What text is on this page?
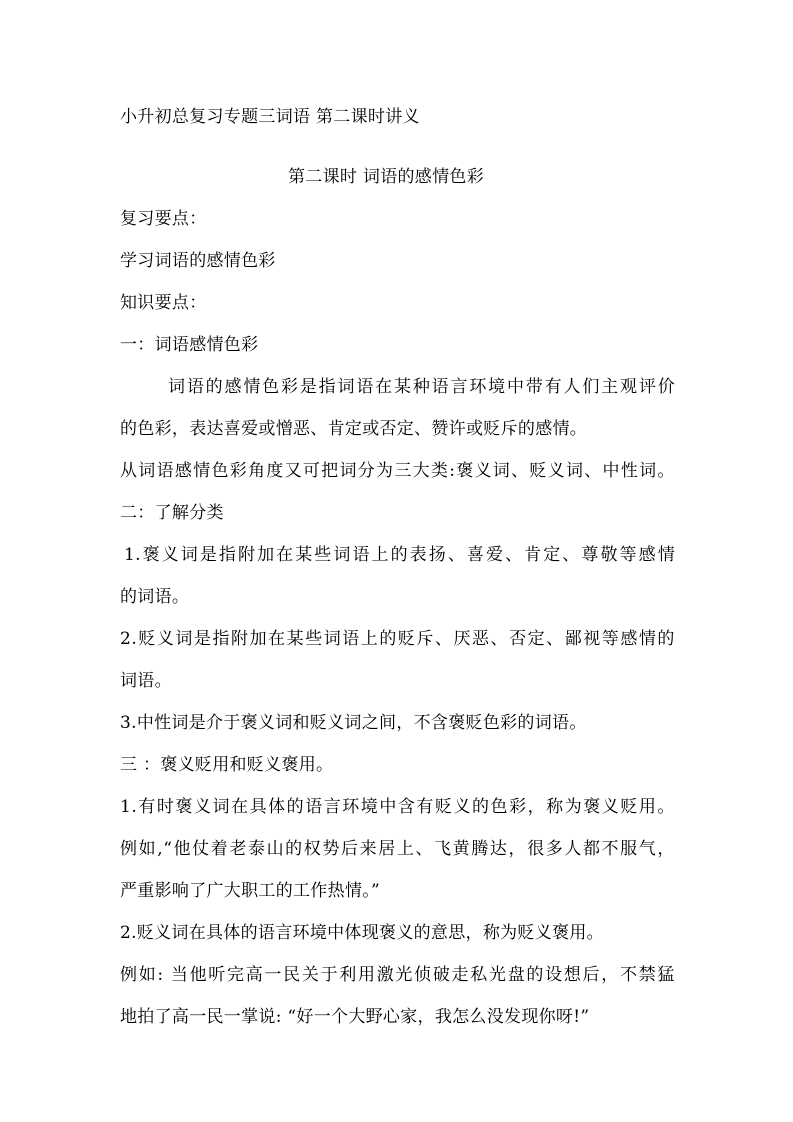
小升初总复习专题三词语 第二课时讲义
第二课时 词语的感情色彩
复习要点：
学习词语的感情色彩
知识要点：
一：词语感情色彩
词语的感情色彩是指词语在某种语言环境中带有人们主观评价
的色彩，表达喜爱或憎恶、肯定或否定、赞许或贬斥的感情。
从词语感情色彩角度又可把词分为三大类:褒义词、贬义词、中性词。
二：了解分类
1.褒义词是指附加在某些词语上的表扬、喜爱、肯定、尊敬等感情
的词语。
2.贬义词是指附加在某些词语上的贬斥、厌恶、否定、鄙视等感情的
词语。
3.中性词是介于褒义词和贬义词之间，不含褒贬色彩的词语。
三 ：褒义贬用和贬义褒用。
1.有时褒义词在具体的语言环境中含有贬义的色彩，称为褒义贬用。
例如,“他仗着老泰山的权势后来居上、飞黄腾达，很多人都不服气，
严重影响了广大职工的工作热情。”
2.贬义词在具体的语言环境中体现褒义的意思，称为贬义褒用。
例如: 当他听完高一民关于利用激光侦破走私光盘的设想后，不禁猛
地拍了高一民一掌说: “好一个大野心家，我怎么没发现你呀!”
